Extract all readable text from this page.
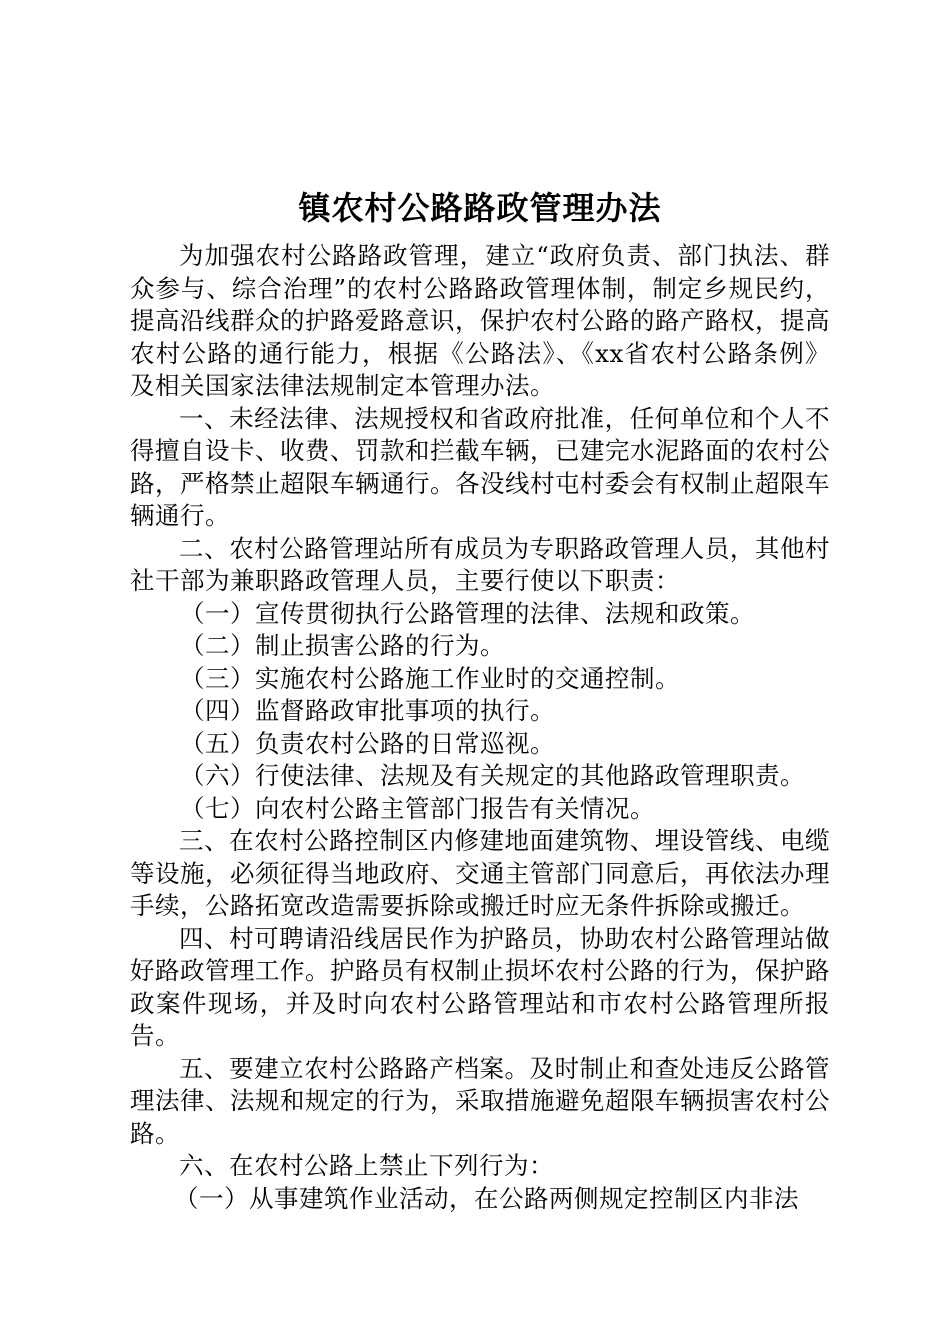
镇农村公路路政管理办法

为加强农村公路路政管理，建立“政府负责、部门执法、群众参与、综合治理”的农村公路路政管理体制，制定乡规民约，提高沿线群众的护路爱路意识，保护农村公路的路产路权，提高农村公路的通行能力，根据《公路法》、《xx省农村公路条例》及相关国家法律法规制定本管理办法。

一、未经法律、法规授权和省政府批准，任何单位和个人不得擅自设卡、收费、罚款和拦截车辆，已建完水泥路面的农村公路，严格禁止超限车辆通行。各没线村屯村委会有权制止超限车辆通行。

二、农村公路管理站所有成员为专职路政管理人员，其他村社干部为兼职路政管理人员，主要行使以下职责：

（一）宣传贯彻执行公路管理的法律、法规和政策。

（二）制止损害公路的行为。

（三）实施农村公路施工作业时的交通控制。

（四）监督路政审批事项的执行。

（五）负责农村公路的日常巡视。

（六）行使法律、法规及有关规定的其他路政管理职责。

（七）向农村公路主管部门报告有关情况。

三、在农村公路控制区内修建地面建筑物、埋设管线、电缆等设施，必须征得当地政府、交通主管部门同意后，再依法办理手续，公路拓宽改造需要拆除或搬迁时应无条件拆除或搬迁。

四、村可聘请沿线居民作为护路员，协助农村公路管理站做好路政管理工作。护路员有权制止损坏农村公路的行为，保护路政案件现场，并及时向农村公路管理站和市农村公路管理所报告。

五、要建立农村公路路产档案。及时制止和查处违反公路管理法律、法规和规定的行为，采取措施避免超限车辆损害农村公路。

六、在农村公路上禁止下列行为：

（一）从事建筑作业活动，在公路两侧规定控制区内非法
